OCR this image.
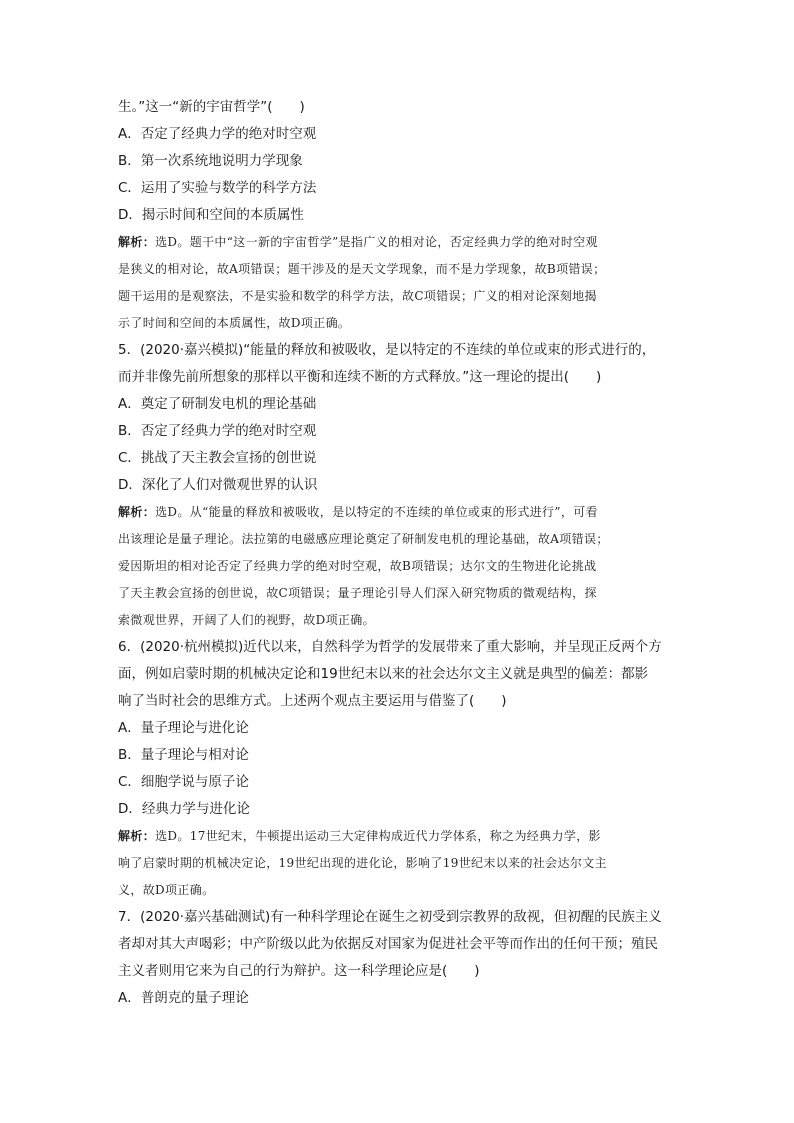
生。”这一“新的宇宙哲学”(　　)
A．否定了经典力学的绝对时空观
B．第一次系统地说明力学现象
C．运用了实验与数学的科学方法
D．揭示时间和空间的本质属性
解析：选D。题干中“这一新的宇宙哲学”是指广义的相对论，否定经典力学的绝对时空观
是狭义的相对论，故A项错误；题干涉及的是天文学现象，而不是力学现象，故B项错误；
题干运用的是观察法，不是实验和数学的科学方法，故C项错误；广义的相对论深刻地揭
示了时间和空间的本质属性，故D项正确。
5．(2020·嘉兴模拟)“能量的释放和被吸收，是以特定的不连续的单位或束的形式进行的，
而并非像先前所想象的那样以平衡和连续不断的方式释放。”这一理论的提出(　　)
A．奠定了研制发电机的理论基础
B．否定了经典力学的绝对时空观
C．挑战了天主教会宣扬的创世说
D．深化了人们对微观世界的认识
解析：选D。从“能量的释放和被吸收，是以特定的不连续的单位或束的形式进行”，可看
出该理论是量子理论。法拉第的电磁感应理论奠定了研制发电机的理论基础，故A项错误；
爱因斯坦的相对论否定了经典力学的绝对时空观，故B项错误；达尔文的生物进化论挑战
了天主教会宣扬的创世说，故C项错误；量子理论引导人们深入研究物质的微观结构，探
索微观世界，开阔了人们的视野，故D项正确。
6．(2020·杭州模拟)近代以来，自然科学为哲学的发展带来了重大影响，并呈现正反两个方
面，例如启蒙时期的机械决定论和19世纪末以来的社会达尔文主义就是典型的偏差：都影
响了当时社会的思维方式。上述两个观点主要运用与借鉴了(　　)
A．量子理论与进化论
B．量子理论与相对论
C．细胞学说与原子论
D．经典力学与进化论
解析：选D。17世纪末，牛顿提出运动三大定律构成近代力学体系，称之为经典力学，影
响了启蒙时期的机械决定论，19世纪出现的进化论，影响了19世纪末以来的社会达尔文主
义，故D项正确。
7．(2020·嘉兴基础测试)有一种科学理论在诞生之初受到宗教界的敌视，但初醒的民族主义
者却对其大声喝彩；中产阶级以此为依据反对国家为促进社会平等而作出的任何干预；殖民
主义者则用它来为自己的行为辩护。这一科学理论应是(　　)
A．普朗克的量子理论
